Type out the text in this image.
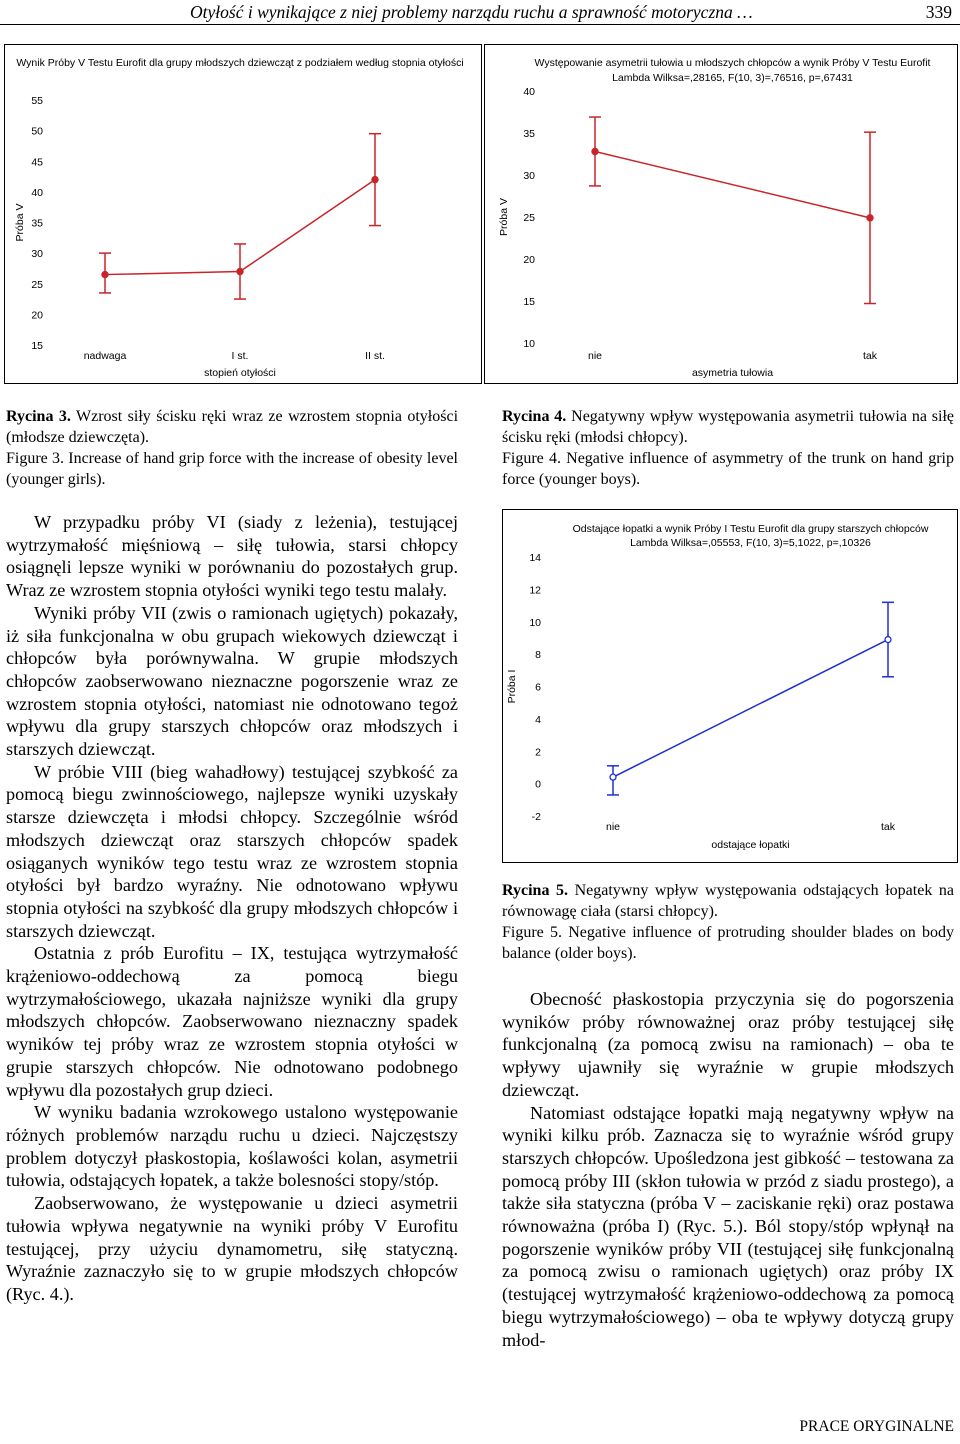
Otyłość i wynikające z niej problemy narządu ruchu a sprawność motoryczna …	339
Wynik Próby V Testu Eurofit dla grupy młodszych dziewcząt z podziałem według stopnia otyłości
15
20
25
30
35
40
45
50
55
Próba V
nadwaga	I st.	II st.
stopień otyłości
Występowanie asymetrii tułowia u młodszych chłopców a wynik Próby V Testu Eurofit
Lambda Wilksa=,28165, F(10, 3)=,76516, p=,67431
10
15
20
25
30
35
40
Próba V
nie	tak
asymetria tułowia

Rycina 3. Wzrost siły ścisku ręki wraz ze wzrostem stopnia otyłości (młodsze dziewczęta).

Figure 3. Increase of hand grip force with the increase of obesity level (younger girls).

Rycina 4. Negatywny wpływ występowania asymetrii tułowia na siłę ścisku ręki (młodsi chłopcy).

Figure 4. Negative influence of asymmetry of the trunk on hand grip force (younger boys).

Odstające łopatki a wynik Próby I Testu Eurofit dla grupy starszych chłopców
Lambda Wilksa=,05553, F(10, 3)=5,1022, p=,10326
-2
0
2
4
6
8
10
12
14
Próba I
nie	tak
odstające łopatki

Rycina 5. Negatywny wpływ występowania odstających łopatek na równowagę ciała (starsi chłopcy).

Figure 5. Negative influence of protruding shoulder blades on body balance (older boys).

W przypadku próby VI (siady z leżenia), testującej wytrzymałość mięśniową – siłę tułowia, starsi chłopcy osiągnęli lepsze wyniki w porównaniu do pozostałych grup. Wraz ze wzrostem stopnia otyłości wyniki tego testu malały.

Wyniki próby VII (zwis o ramionach ugiętych) pokazały, iż siła funkcjonalna w obu grupach wiekowych dziewcząt i chłopców była porównywalna. W grupie młodszych chłopców zaobserwowano nieznaczne pogorszenie wraz ze wzrostem stopnia otyłości, natomiast nie odnotowano tegoż wpływu dla grupy starszych chłopców oraz młodszych i starszych dziewcząt.

W próbie VIII (bieg wahadłowy) testującej szybkość za pomocą biegu zwinnościowego, najlepsze wyniki uzyskały starsze dziewczęta i młodsi chłopcy. Szczególnie wśród młodszych dziewcząt oraz starszych chłopców spadek osiąganych wyników tego testu wraz ze wzrostem stopnia otyłości był bardzo wyraźny. Nie odnotowano wpływu stopnia otyłości na szybkość dla grupy młodszych chłopców i starszych dziewcząt.

Ostatnia z prób Eurofitu – IX, testująca wytrzymałość krążeniowo-oddechową za pomocą biegu wytrzymałościowego, ukazała najniższe wyniki dla grupy młodszych chłopców. Zaobserwowano nieznaczny spadek wyników tej próby wraz ze wzrostem stopnia otyłości w grupie starszych chłopców. Nie odnotowano podobnego wpływu dla pozostałych grup dzieci.

W wyniku badania wzrokowego ustalono występowanie różnych problemów narządu ruchu u dzieci. Najczęstszy problem dotyczył płaskostopia, koślawości kolan, asymetrii tułowia, odstających łopatek, a także bolesności stopy/stóp.

Zaobserwowano, że występowanie u dzieci asymetrii tułowia wpływa negatywnie na wyniki próby V Eurofitu testującej, przy użyciu dynamometru, siłę statyczną. Wyraźnie zaznaczyło się to w grupie młodszych chłopców (Ryc. 4.).

Obecność płaskostopia przyczynia się do pogorszenia wyników próby równoważnej oraz próby testującej siłę funkcjonalną (za pomocą zwisu na ramionach) – oba te wpływy ujawniły się wyraźnie w grupie młodszych dziewcząt.

Natomiast odstające łopatki mają negatywny wpływ na wyniki kilku prób. Zaznacza się to wyraźnie wśród grupy starszych chłopców. Upośledzona jest gibkość – testowana za pomocą próby III (skłon tułowia w przód z siadu prostego), a także siła statyczna (próba V – zaciskanie ręki) oraz postawa równoważna (próba I) (Ryc. 5.). Ból stopy/stóp wpłynął na pogorszenie wyników próby VII (testującej siłę funkcjonalną za pomocą zwisu o ramionach ugiętych) oraz próby IX (testującej wytrzymałość krążeniowo-oddechową za pomocą biegu wytrzymałościowego) – oba te wpływy dotyczą grupy młod-

PRACE ORYGINALNE
